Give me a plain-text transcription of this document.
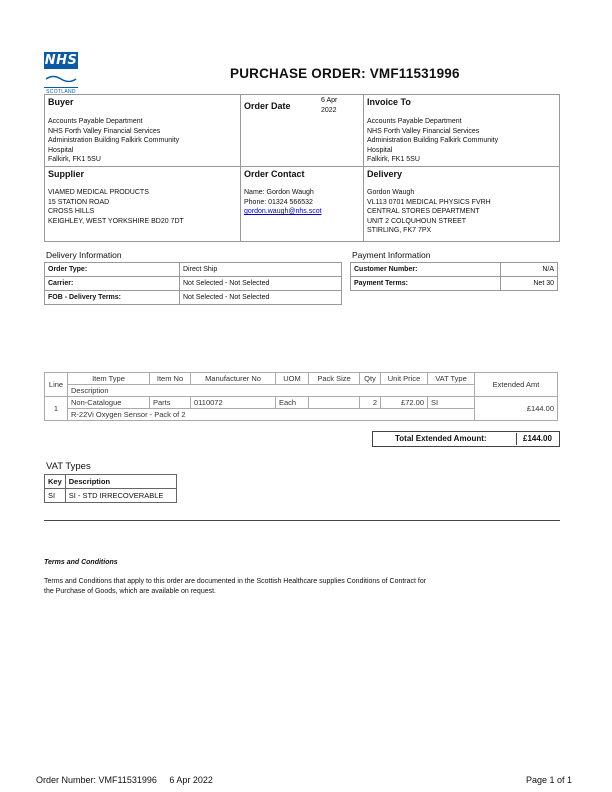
NHS
SCOTLAND
PURCHASE ORDER: VMF11531996
Buyer
Accounts Payable Department
NHS Forth Valley Financial Services
Administration Building Falkirk Community
Hospital
Falkirk, FK1 5SU
Order Date
6 Apr
2022
Invoice To
Accounts Payable Department
NHS Forth Valley Financial Services
Administration Building Falkirk Community
Hospital
Falkirk, FK1 5SU
Supplier
VIAMED MEDICAL PRODUCTS
15 STATION ROAD
CROSS HILLS
KEIGHLEY, WEST YORKSHIRE BD20 7DT
Order Contact
Name: Gordon Waugh
Phone: 01324 566532
gordon.waugh@nhs.scot
Delivery
Gordon Waugh
VL113 0701 MEDICAL PHYSICS FVRH
CENTRAL STORES DEPARTMENT
UNIT 2 COLQUHOUN STREET
STIRLING, FK7 7PX
Delivery Information
Order Type:	Direct Ship
Carrier:	Not Selected - Not Selected
FOB - Delivery Terms:	Not Selected - Not Selected
Payment Information
Customer Number:	N/A
Payment Terms:	Net 30
Line	Item Type	Item No	Manufacturer No	UOM	Pack Size	Qty	Unit Price	VAT Type	Extended Amt
	Description								
1	Non-Catalogue	Parts	0110072	Each		2	£72.00	SI	£144.00
	R-22Vi Oxygen Sensor - Pack of 2								
Total Extended Amount:	£144.00
VAT Types
Key	Description
SI	SI - STD IRRECOVERABLE
Terms and Conditions
Terms and Conditions that apply to this order are documented in the Scottish Healthcare supplies Conditions of Contract for
the Purchase of Goods, which are available on request.
Order Number: VMF11531996     6 Apr 2022	Page 1 of 1
